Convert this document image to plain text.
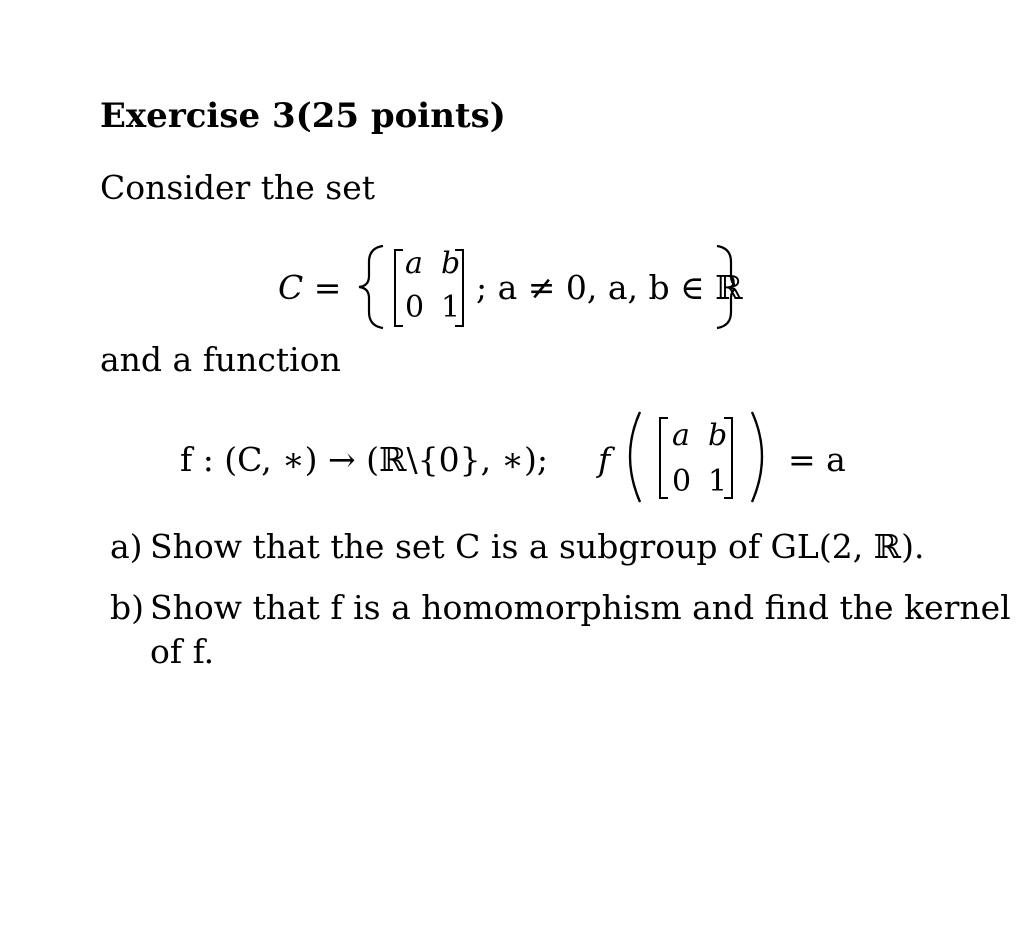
Exercise 3(25 points)
Consider the set
C =
a b
0 1
; a ≠ 0, a, b ∈ ℝ
and a function
f : (C, ∗) → (ℝ\{0}, ∗); f
a b
0 1
= a
a) Show that the set C is a subgroup of GL(2, ℝ).
b) Show that f is a homomorphism and find the kernel
of f.
